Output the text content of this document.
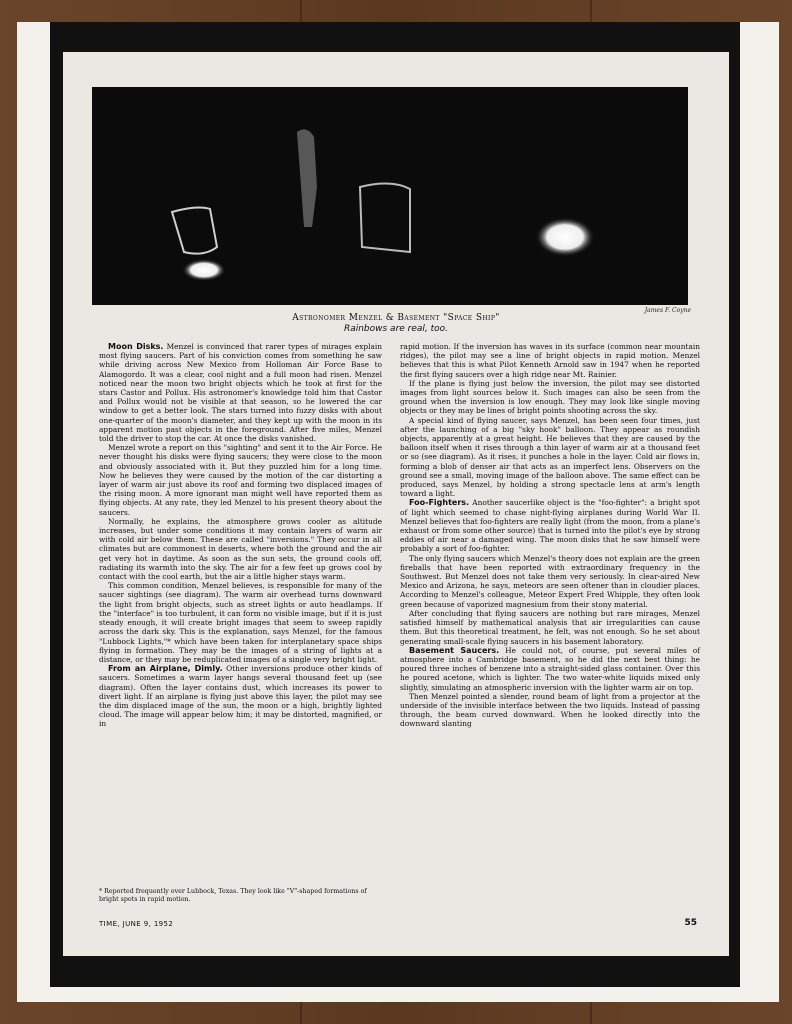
James F. Coyne
Astronomer Menzel & Basement "Space Ship"
Rainbows are real, too.

Moon Disks. Menzel is convinced that rarer types of mirages explain most flying saucers. Part of his conviction comes from something he saw while driving across New Mexico from Holloman Air Force Base to Alamogordo. It was a clear, cool night and a full moon had risen. Menzel noticed near the moon two bright objects which he took at first for the stars Castor and Pollux. His astronomer's knowledge told him that Castor and Pollux would not be visible at that season, so he lowered the car window to get a better look. The stars turned into fuzzy disks with about one-quarter of the moon's diameter, and they kept up with the moon in its apparent motion past objects in the foreground. After five miles, Menzel told the driver to stop the car. At once the disks vanished.

Menzel wrote a report on this "sighting" and sent it to the Air Force. He never thought his disks were flying saucers; they were close to the moon and obviously associated with it. But they puzzled him for a long time. Now he believes they were caused by the motion of the car distorting a layer of warm air just above its roof and forming two displaced images of the rising moon. A more ignorant man might well have reported them as flying objects. At any rate, they led Menzel to his present theory about the saucers.

Normally, he explains, the atmosphere grows cooler as altitude increases, but under some conditions it may contain layers of warm air with cold air below them. These are called "inversions." They occur in all climates but are commonest in deserts, where both the ground and the air get very hot in daytime. As soon as the sun sets, the ground cools off, radiating its warmth into the sky. The air for a few feet up grows cool by contact with the cool earth, but the air a little higher stays warm.

This common condition, Menzel believes, is responsible for many of the saucer sightings (see diagram). The warm air overhead turns downward the light from bright objects, such as street lights or auto headlamps. If the "interface" is too turbulent, it can form no visible image, but if it is just steady enough, it will create bright images that seem to sweep rapidly across the dark sky. This is the explanation, says Menzel, for the famous "Lubbock Lights,"* which have been taken for interplanetary space ships flying in formation. They may be the images of a string of lights at a distance, or they may be reduplicated images of a single very bright light.

From an Airplane, Dimly. Other inversions produce other kinds of saucers. Sometimes a warm layer hangs several thousand feet up (see diagram). Often the layer contains dust, which increases its power to divert light. If an airplane is flying just above this layer, the pilot may see the dim displaced image of the sun, the moon or a high, brightly lighted cloud. The image will appear below him; it may be distorted, magnified, or in

rapid motion. If the inversion has waves in its surface (common near mountain ridges), the pilot may see a line of bright objects in rapid motion. Menzel believes that this is what Pilot Kenneth Arnold saw in 1947 when he reported the first flying saucers over a high ridge near Mt. Rainier.

If the plane is flying just below the inversion, the pilot may see distorted images from light sources below it. Such images can also be seen from the ground when the inversion is low enough. They may look like single moving objects or they may be lines of bright points shooting across the sky.

A special kind of flying saucer, says Menzel, has been seen four times, just after the launching of a big "sky hook" balloon. They appear as roundish objects, apparently at a great height. He believes that they are caused by the balloon itself when it rises through a thin layer of warm air at a thousand feet or so (see diagram). As it rises, it punches a hole in the layer. Cold air flows in, forming a blob of denser air that acts as an imperfect lens. Observers on the ground see a small, moving image of the balloon above. The same effect can be produced, says Menzel, by holding a strong spectacle lens at arm's length toward a light.

Foo-Fighters. Another saucerlike object is the "foo-fighter": a bright spot of light which seemed to chase night-flying airplanes during World War II. Menzel believes that foo-fighters are really light (from the moon, from a plane's exhaust or from some other source) that is turned into the pilot's eye by strong eddies of air near a damaged wing. The moon disks that he saw himself were probably a sort of foo-fighter.

The only flying saucers which Menzel's theory does not explain are the green fireballs that have been reported with extraordinary frequency in the Southwest. But Menzel does not take them very seriously. In clear-aired New Mexico and Arizona, he says, meteors are seen oftener than in cloudier places. According to Menzel's colleague, Meteor Expert Fred Whipple, they often look green because of vaporized magnesium from their stony material.

After concluding that flying saucers are nothing but rare mirages, Menzel satisfied himself by mathematical analysis that air irregularities can cause them. But this theoretical treatment, he felt, was not enough. So he set about generating small-scale flying saucers in his basement laboratory.

Basement Saucers. He could not, of course, put several miles of atmosphere into a Cambridge basement, so he did the next best thing: he poured three inches of benzene into a straight-sided glass container. Over this he poured acetone, which is lighter. The two water-white liquids mixed only slightly, simulating an atmospheric inversion with the lighter warm air on top.

Then Menzel pointed a slender, round beam of light from a projector at the underside of the invisible interface between the two liquids. Instead of passing through, the beam curved downward. When he looked directly into the downward slanting

* Reported frequently over Lubbock, Texas. They look like "V"-shaped formations of bright spots in rapid motion.
TIME, JUNE 9, 1952	55
